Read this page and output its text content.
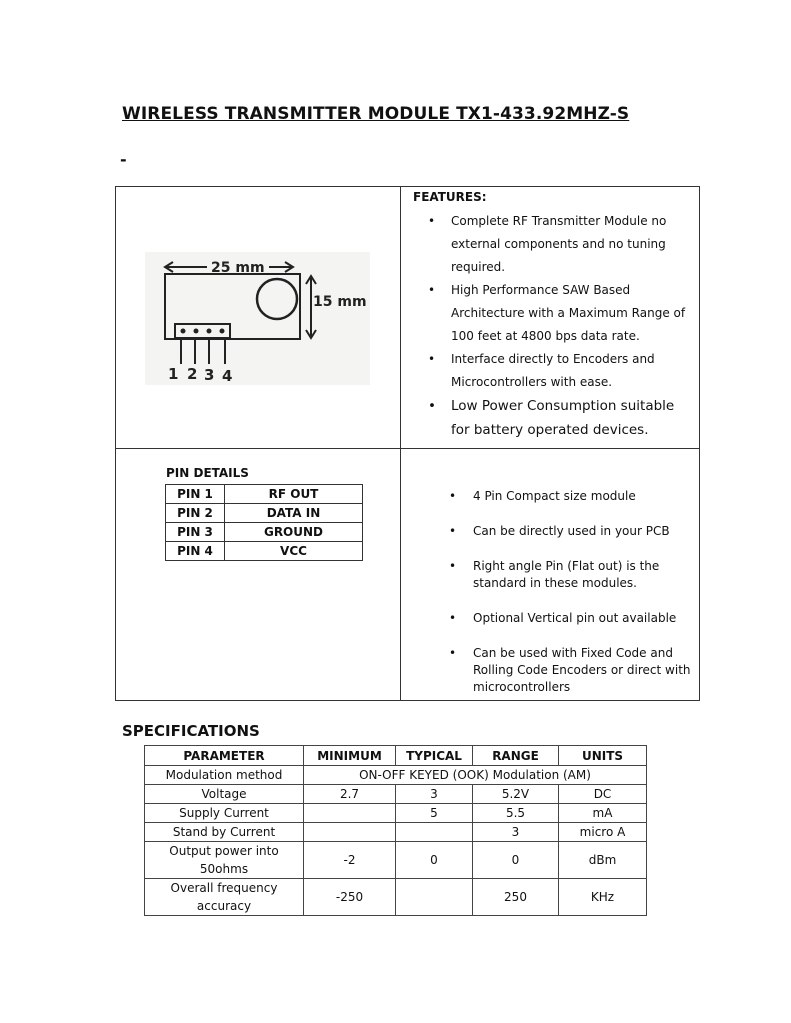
WIRELESS TRANSMITTER MODULE TX1-433.92MHZ-S
-
25 mm
15 mm
1 2 3 4
FEATURES:
• Complete RF Transmitter Module no external components and no tuning required.
• High Performance SAW Based Architecture with a Maximum Range of 100 feet at 4800 bps data rate.
• Interface directly to Encoders and Microcontrollers with ease.
• Low Power Consumption suitable for battery operated devices.
PIN DETAILS
PIN 1	RF OUT
PIN 2	DATA IN
PIN 3	GROUND
PIN 4	VCC
• 4 Pin Compact size module
• Can be directly used in your PCB
• Right angle Pin (Flat out) is the standard in these modules.
• Optional Vertical pin out available
• Can be used with Fixed Code and Rolling Code Encoders or direct with microcontrollers
SPECIFICATIONS
PARAMETER	MINIMUM	TYPICAL	RANGE	UNITS
Modulation method	ON-OFF KEYED (OOK) Modulation (AM)			
Voltage	2.7	3	5.2V	DC
Supply Current		5	5.5	mA
Stand by Current			3	micro A
Output power into 50ohms	-2	0	0	dBm
Overall frequency accuracy	-250		250	KHz
